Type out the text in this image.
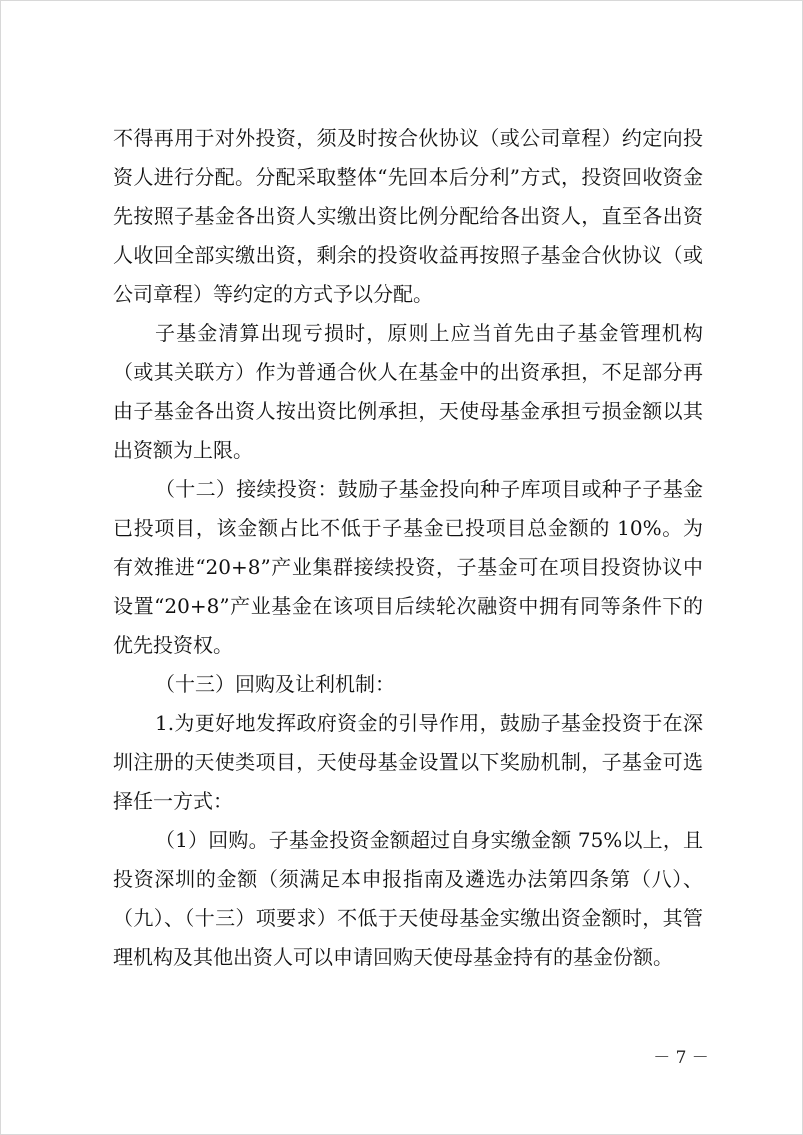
不得再用于对外投资，须及时按合伙协议（或公司章程）约定向投资人进行分配。分配采取整体“先回本后分利”方式，投资回收资金先按照子基金各出资人实缴出资比例分配给各出资人，直至各出资人收回全部实缴出资，剩余的投资收益再按照子基金合伙协议（或公司章程）等约定的方式予以分配。

子基金清算出现亏损时，原则上应当首先由子基金管理机构（或其关联方）作为普通合伙人在基金中的出资承担，不足部分再由子基金各出资人按出资比例承担，天使母基金承担亏损金额以其出资额为上限。

（十二）接续投资：鼓励子基金投向种子库项目或种子子基金已投项目，该金额占比不低于子基金已投项目总金额的 10%。为有效推进“20+8”产业集群接续投资，子基金可在项目投资协议中设置“20+8”产业基金在该项目后续轮次融资中拥有同等条件下的优先投资权。

（十三）回购及让利机制：

1.为更好地发挥政府资金的引导作用，鼓励子基金投资于在深圳注册的天使类项目，天使母基金设置以下奖励机制，子基金可选择任一方式：

（1）回购。子基金投资金额超过自身实缴金额 75%以上，且投资深圳的金额（须满足本申报指南及遴选办法第四条第（八）、（九）、（十三）项要求）不低于天使母基金实缴出资金额时，其管理机构及其他出资人可以申请回购天使母基金持有的基金份额。

－ 7 －
